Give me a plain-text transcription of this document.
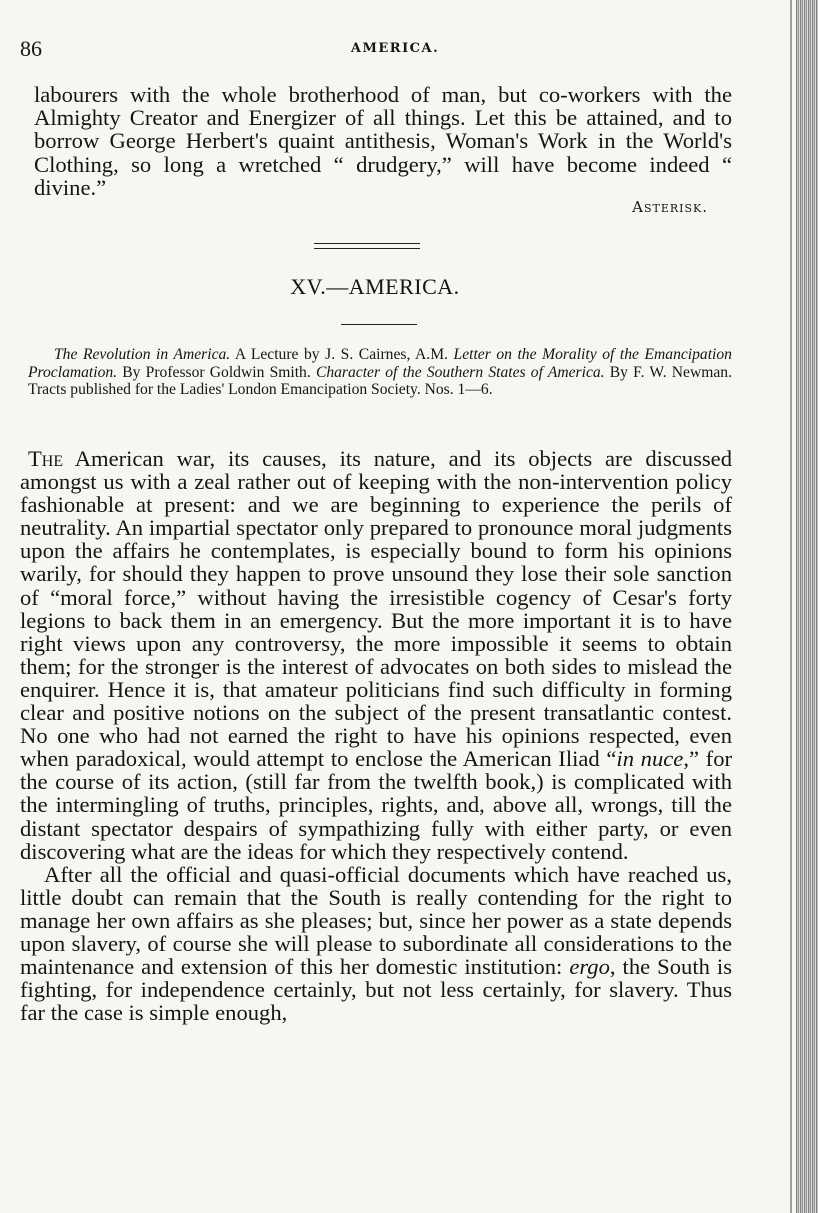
86	AMERICA.
labourers with the whole brotherhood of man, but co-workers with the Almighty Creator and Energizer of all things. Let this be attained, and to borrow George Herbert's quaint antithesis, Woman's Work in the World's Clothing, so long a wretched “ drudgery,” will have become indeed “ divine.”
Asterisk.
XV.—AMERICA.

The Revolution in America. A Lecture by J. S. Cairnes, A.M. Letter on the Morality of the Emancipation Proclamation. By Professor Goldwin Smith. Character of the Southern States of America. By F. W. Newman. Tracts published for the Ladies' London Emancipation Society. Nos. 1—6.

The American war, its causes, its nature, and its objects are discussed amongst us with a zeal rather out of keeping with the non-intervention policy fashionable at present: and we are beginning to experience the perils of neutrality. An impartial spectator only prepared to pronounce moral judgments upon the affairs he contemplates, is especially bound to form his opinions warily, for should they happen to prove unsound they lose their sole sanction of “moral force,” without having the irresistible cogency of Cesar's forty legions to back them in an emergency. But the more important it is to have right views upon any controversy, the more impossible it seems to obtain them; for the stronger is the interest of advocates on both sides to mislead the enquirer. Hence it is, that amateur politicians find such difficulty in forming clear and positive notions on the subject of the present transatlantic contest. No one who had not earned the right to have his opinions respected, even when paradoxical, would attempt to enclose the American Iliad “in nuce,” for the course of its action, (still far from the twelfth book,) is complicated with the intermingling of truths, principles, rights, and, above all, wrongs, till the distant spectator despairs of sympathizing fully with either party, or even discovering what are the ideas for which they respectively contend.

After all the official and quasi-official documents which have reached us, little doubt can remain that the South is really contending for the right to manage her own affairs as she pleases; but, since her power as a state depends upon slavery, of course she will please to subordinate all considerations to the maintenance and extension of this her domestic institution: ergo, the South is fighting, for independence certainly, but not less certainly, for slavery. Thus far the case is simple enough,
